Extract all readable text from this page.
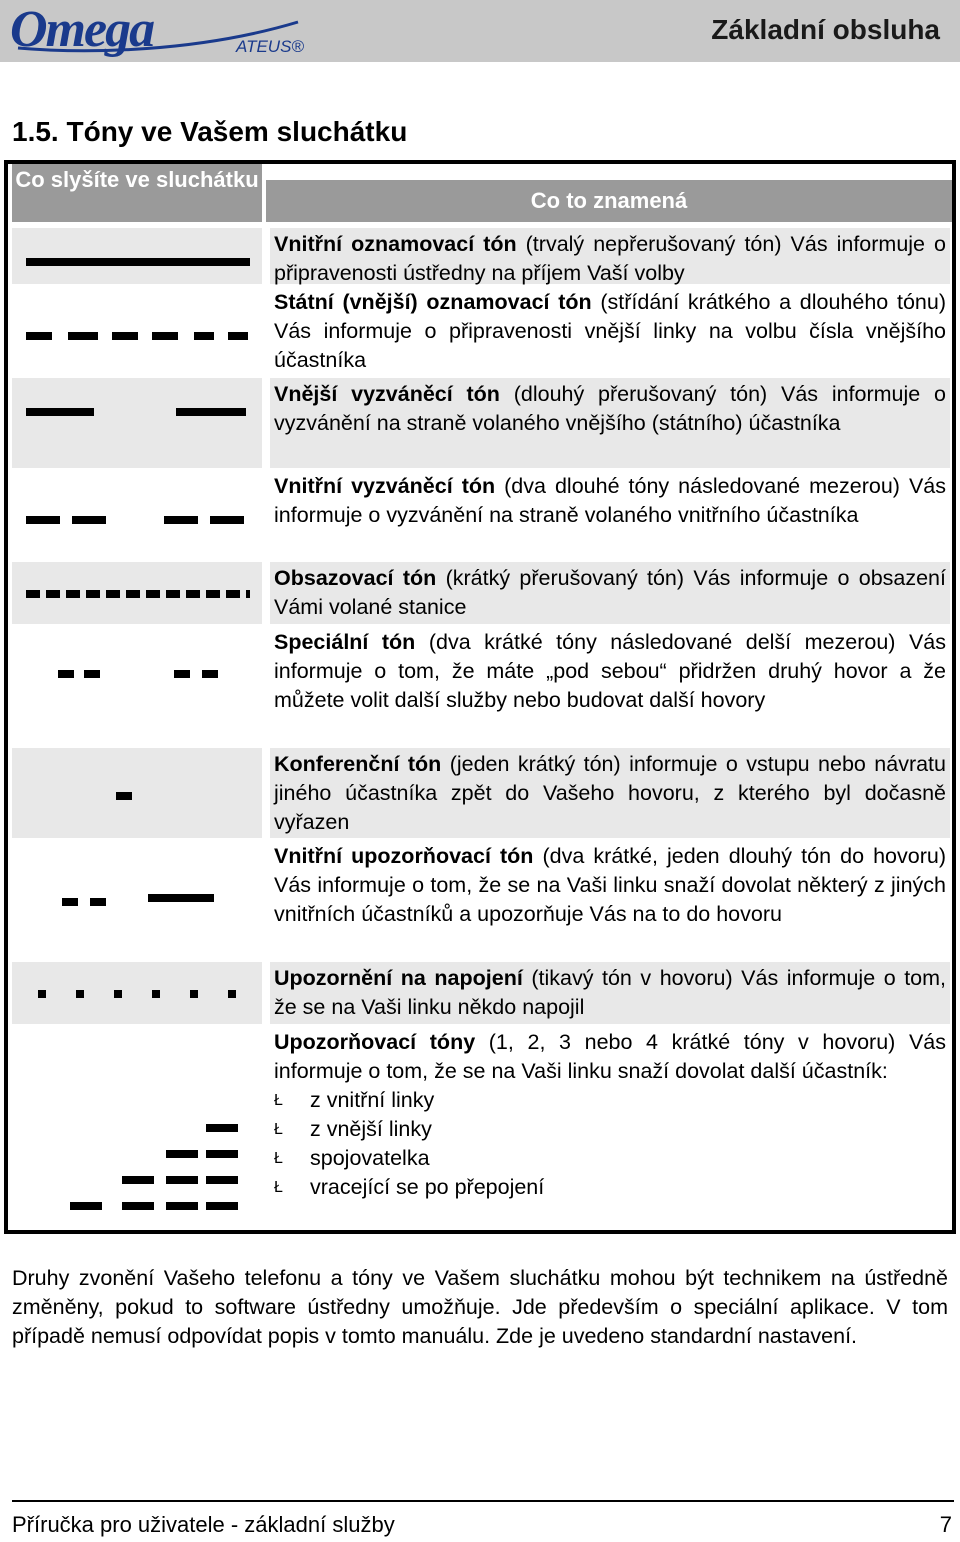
Omega	ATEUS®
Základní obsluha
1.5. Tóny ve Vašem sluchátku
Co slyšíte ve sluchátku
Co to znamená
Vnitřní oznamovací tón (trvalý nepřerušovaný tón) Vás informuje o připravenosti ústředny na příjem Vaší volby
Státní (vnější) oznamovací tón (střídání krátkého a dlouhého tónu) Vás informuje o připravenosti vnější linky na volbu čísla vnějšího účastníka
Vnější vyzváněcí tón (dlouhý přerušovaný tón) Vás informuje o vyzvánění na straně volaného vnějšího (státního) účastníka
Vnitřní vyzváněcí tón (dva dlouhé tóny následované mezerou) Vás informuje o vyzvánění na straně volaného vnitřního účastníka
Obsazovací tón (krátký přerušovaný tón) Vás informuje o obsazení Vámi volané stanice
Speciální tón (dva krátké tóny následované delší mezerou) Vás informuje o tom, že máte „pod sebou“ přidržen druhý hovor a že můžete volit další služby nebo budovat další hovory
Konferenční tón (jeden krátký tón) informuje o vstupu nebo návratu jiného účastníka zpět do Vašeho hovoru, z kterého byl dočasně vyřazen
Vnitřní upozorňovací tón (dva krátké, jeden dlouhý tón do hovoru) Vás informuje o tom, že se na Vaši linku snaží dovolat některý z jiných vnitřních účastníků a upozorňuje Vás na to do hovoru
Upozornění na napojení (tikavý tón v hovoru) Vás informuje o tom, že se na Vaši linku někdo napojil
Upozorňovací tóny (1, 2, 3 nebo 4 krátké tóny v hovoru) Vás informuje o tom, že se na Vaši linku snaží dovolat další účastník:
Ł z vnitřní linky
Ł z vnější linky
Ł spojovatelka
Ł vracející se po přepojení
Druhy zvonění Vašeho telefonu a tóny ve Vašem sluchátku mohou být technikem na ústředně změněny, pokud to software ústředny umožňuje. Jde především o speciální aplikace. V tom případě nemusí odpovídat popis v tomto manuálu. Zde je uvedeno standardní nastavení.
Příručka pro uživatele - základní služby	7
